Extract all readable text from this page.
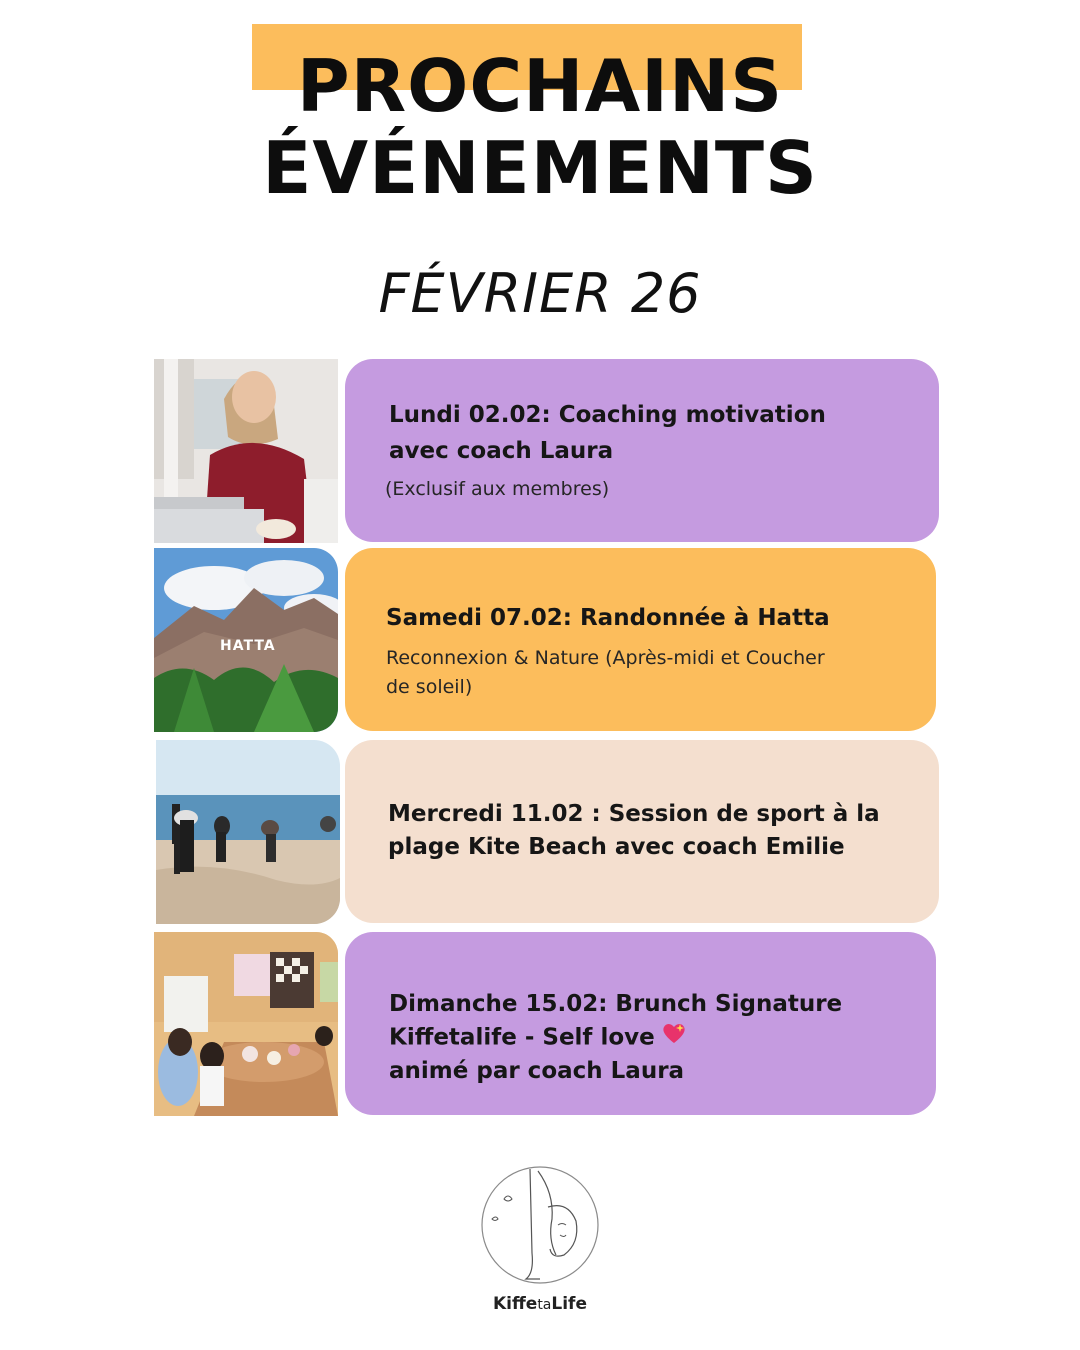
PROCHAINS
ÉVÉNEMENTS
FÉVRIER 26
Lundi 02.02: Coaching motivation
avec coach Laura
(Exclusif aux membres)
HATTA
Samedi 07.02: Randonnée à Hatta
Reconnexion & Nature (Après-midi et Coucher de soleil)
Mercredi 11.02 : Session de sport à la
plage Kite Beach avec coach Emilie
Dimanche 15.02: Brunch Signature
Kiffetalife - Self love
animé par coach Laura
KiffetaLife
